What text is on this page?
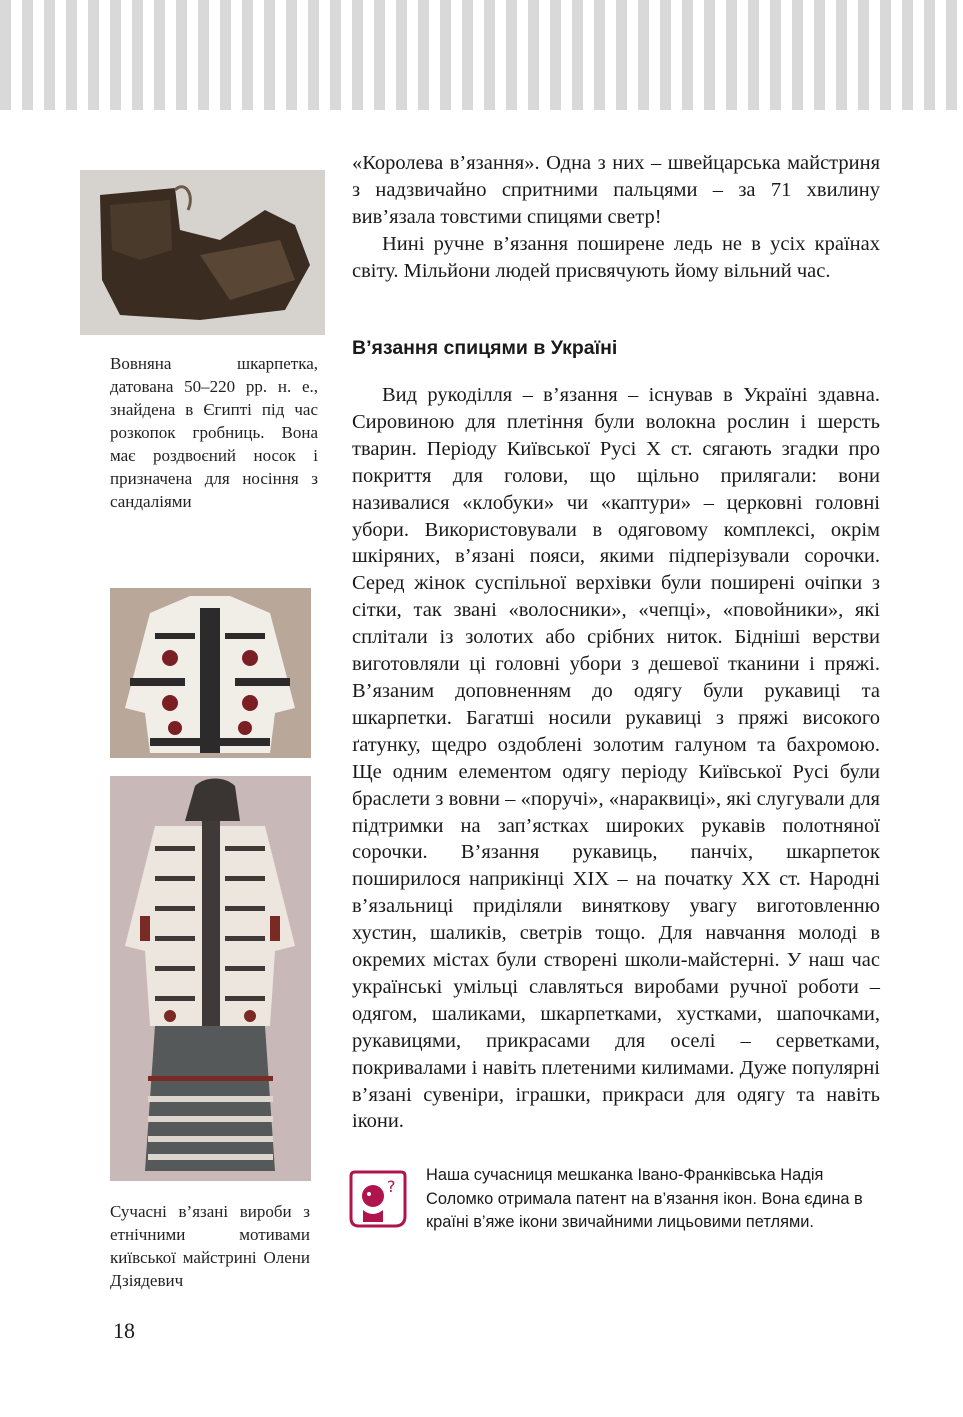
Вовняна шкарпетка, датована 50–220 рр. н. е., знайдена в Єгипті під час розкопок гробниць. Вона має роздвоєний носок і призначена для носіння з сандаліями
Сучасні в’язані вироби з етнічними мотивами київської майстрині Олени Дзіядевич

«Королева в’язання». Одна з них – швейцарська майстриня з надзвичайно спритними пальцями – за 71 хвилину вив’язала товстими спицями светр!

Нині ручне в’язання поширене ледь не в усіх країнах світу. Мільйони людей присвячують йому вільний час.

В’язання спицями в Україні

Вид рукоділля – в’язання – існував в Україні здавна. Сировиною для плетіння були волокна рослин і шерсть тварин. Періоду Київської Русі Х ст. сягають згадки про покриття для голови, що щільно прилягали: вони називалися «клобуки» чи «каптури» – церковні головні убори. Використовували в одяговому комплексі, окрім шкіряних, в’язані пояси, якими підперізували сорочки. Серед жінок суспільної верхівки були поширені очіпки з сітки, так звані «волосники», «чепці», «повойники», які сплітали із золотих або срібних ниток. Бідніші верстви виготовляли ці головні убори з дешевої тканини і пряжі. В’язаним доповненням до одягу були рукавиці та шкарпетки. Багатші носили рукавиці з пряжі високого ґатунку, щедро оздоблені золотим галуном та бахромою. Ще одним елементом одягу періоду Київської Русі були браслети з вовни – «поручі», «нараквиці», які слугували для підтримки на зап’ястках широких рукавів полотняної сорочки. В’язання рукавиць, панчіх, шкарпеток поширилося наприкінці ХІХ – на початку ХХ ст. Народні в’язальниці приділяли виняткову увагу виготовленню хустин, шаликів, светрів тощо. Для навчання молоді в окремих містах були створені школи-майстерні. У наш час українські умільці славляться виробами ручної роботи – одягом, шаликами, шкарпетками, хустками, шапочками, рукавицями, прикрасами для оселі – серветками, покривалами і навіть плетеними килимами. Дуже популярні в’язані сувеніри, іграшки, прикраси для одягу та навіть ікони.

?
Наша сучасниця мешканка Івано-Франківська Надія Соломко отримала патент на в’язання ікон. Вона єдина в країні в’яже ікони звичайними лицьовими петлями.
18
